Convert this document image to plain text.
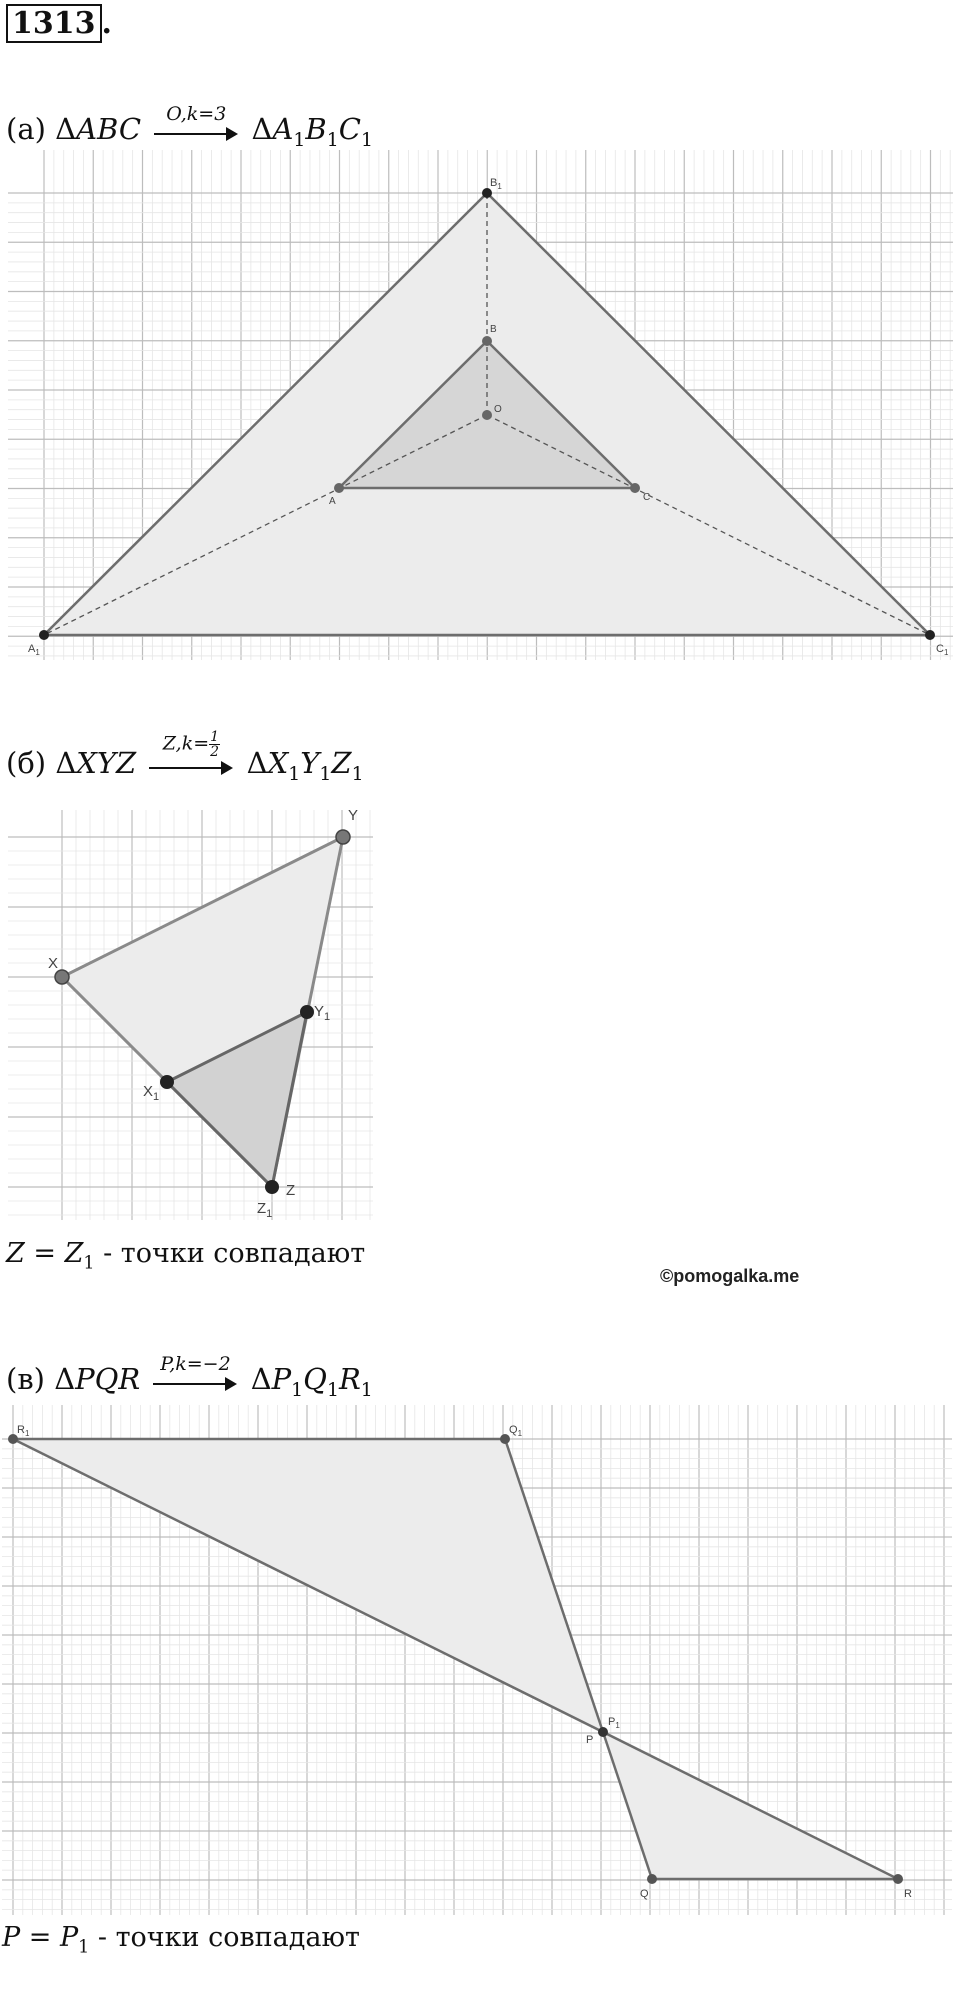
1313 .
(а) ΔABC	O,k=3 $\Delta A_1B_1C_1$
$B_1$
$A_1$	$C_1$
B
O
A	C
(б) ΔXYZ
$Z,k= \frac{1}{2}$
$\Delta X_1Y_1Z_1$
Y
X
$Y_1$
$X_1$
Z
$Z_1$
$Z = Z_1$ - точки совпадают
©pomogalka.me
(в) ΔPQR	P,k=−2 $\Delta P_1Q_1R_1$
$R_1$	$Q_1$
$P_1$
P
Q	R
$P = P_1$ - точки совпадают
